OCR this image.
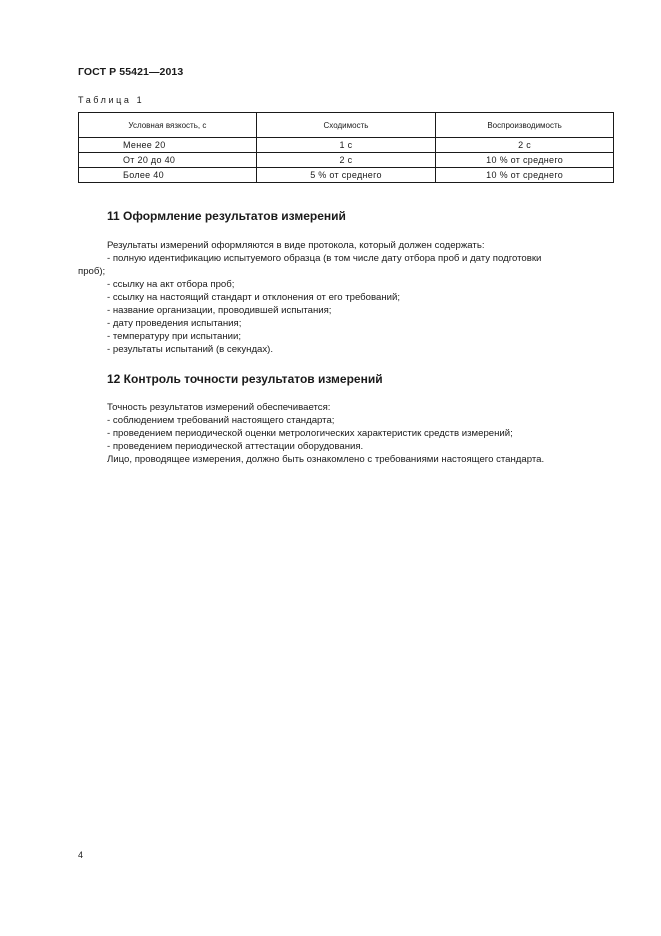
ГОСТ Р 55421—2013
Таблица 1
Условная вязкость, с	Сходимость	Воспроизводимость
Менее 20	1 с	2 с
От 20 до 40	2 с	10 % от среднего
Более 40	5 % от среднего	10 % от среднего
11 Оформление результатов измерений
Результаты измерений оформляются в виде протокола, который должен содержать:
- полную идентификацию испытуемого образца (в том числе дату отбора проб и дату подготовки
проб);
- ссылку на акт отбора проб;
- ссылку на настоящий стандарт и отклонения от его требований;
- название организации, проводившей испытания;
- дату проведения испытания;
- температуру при испытании;
- результаты испытаний (в секундах).
12 Контроль точности результатов измерений
Точность результатов измерений обеспечивается:
- соблюдением требований настоящего стандарта;
- проведением периодической оценки метрологических характеристик средств измерений;
- проведением периодической аттестации оборудования.
Лицо, проводящее измерения, должно быть ознакомлено с требованиями настоящего стандарта.
4
